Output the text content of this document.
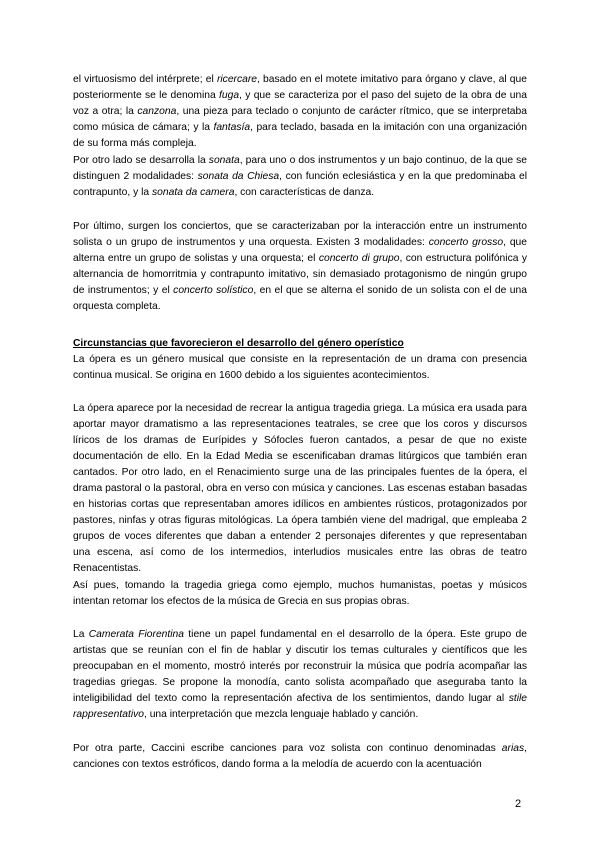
el virtuosismo del intérprete; el ricercare, basado en el motete imitativo para órgano y clave, al que posteriormente se le denomina fuga, y que se caracteriza por el paso del sujeto de la obra de una voz a otra; la canzona, una pieza para teclado o conjunto de carácter rítmico, que se interpretaba como música de cámara; y la fantasía, para teclado, basada en la imitación con una organización de su forma más compleja.

Por otro lado se desarrolla la sonata, para uno o dos instrumentos y un bajo continuo, de la que se distinguen 2 modalidades: sonata da Chiesa, con función eclesiástica y en la que predominaba el contrapunto, y la sonata da camera, con características de danza.

Por último, surgen los conciertos, que se caracterizaban por la interacción entre un instrumento solista o un grupo de instrumentos y una orquesta. Existen 3 modalidades: concerto grosso, que alterna entre un grupo de solistas y una orquesta; el concerto di grupo, con estructura polifónica y alternancia de homorritmia y contrapunto imitativo, sin demasiado protagonismo de ningún grupo de instrumentos; y el concerto solístico, en el que se alterna el sonido de un solista con el de una orquesta completa.

Circunstancias que favorecieron el desarrollo del género operístico

La ópera es un género musical que consiste en la representación de un drama con presencia continua musical. Se origina en 1600 debido a los siguientes acontecimientos.

La ópera aparece por la necesidad de recrear la antigua tragedia griega. La música era usada para aportar mayor dramatismo a las representaciones teatrales, se cree que los coros y discursos líricos de los dramas de Eurípides y Sófocles fueron cantados, a pesar de que no existe documentación de ello. En la Edad Media se escenificaban dramas litúrgicos que también eran cantados. Por otro lado, en el Renacimiento surge una de las principales fuentes de la ópera, el drama pastoral o la pastoral, obra en verso con música y canciones. Las escenas estaban basadas en historias cortas que representaban amores idílicos en ambientes rústicos, protagonizados por pastores, ninfas y otras figuras mitológicas. La ópera también viene del madrigal, que empleaba 2 grupos de voces diferentes que daban a entender 2 personajes diferentes y que representaban una escena, así como de los intermedios, interludios musicales entre las obras de teatro Renacentistas.

Así pues, tomando la tragedia griega como ejemplo, muchos humanistas, poetas y músicos intentan retomar los efectos de la música de Grecia en sus propias obras.

La Camerata Fiorentina tiene un papel fundamental en el desarrollo de la ópera. Este grupo de artistas que se reunían con el fin de hablar y discutir los temas culturales y científicos que les preocupaban en el momento, mostró interés por reconstruir la música que podría acompañar las tragedias griegas. Se propone la monodía, canto solista acompañado que aseguraba tanto la inteligibilidad del texto como la representación afectiva de los sentimientos, dando lugar al stile rappresentativo, una interpretación que mezcla lenguaje hablado y canción.

Por otra parte, Caccini escribe canciones para voz solista con continuo denominadas arias, canciones con textos estróficos, dando forma a la melodía de acuerdo con la acentuación

2
